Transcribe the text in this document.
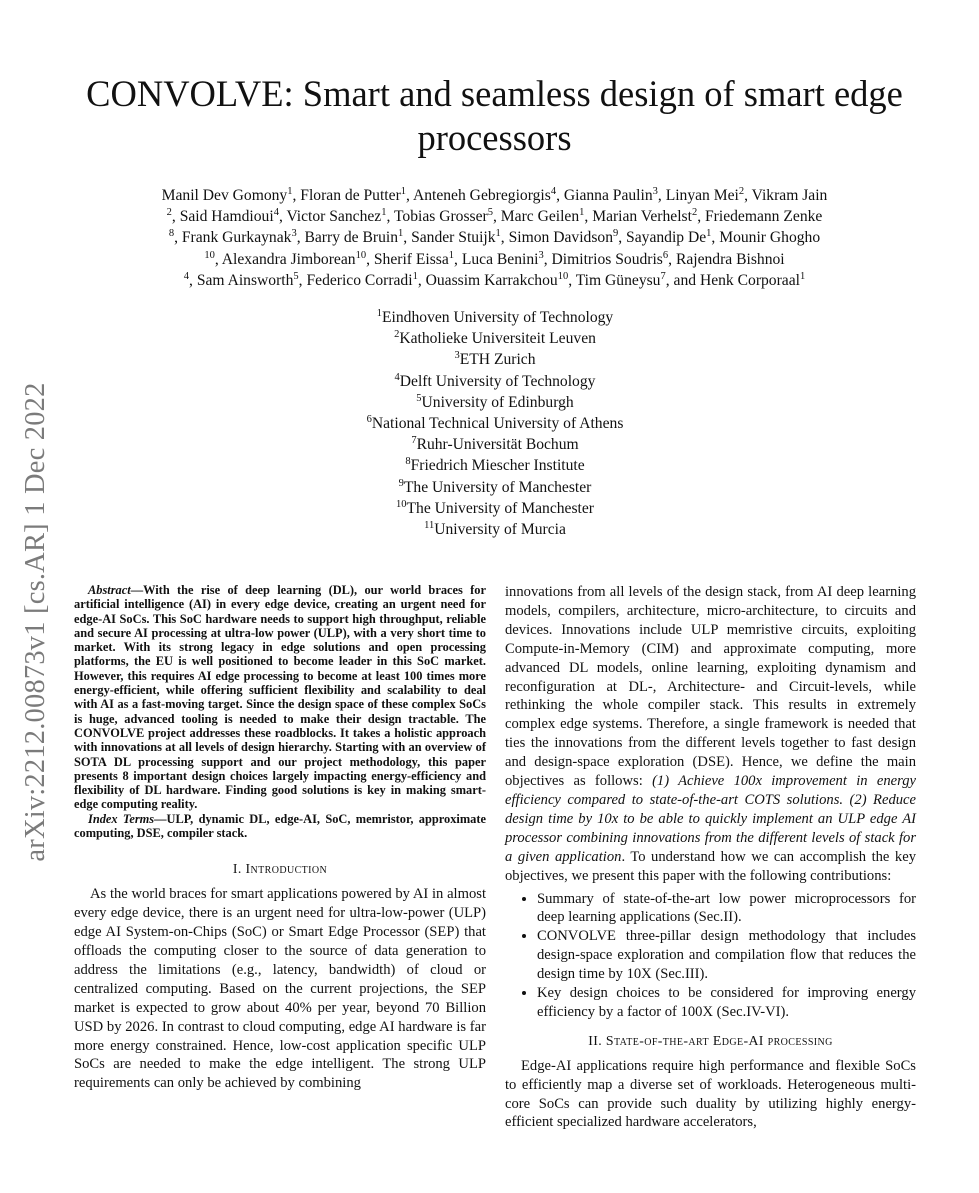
arXiv:2212.00873v1 [cs.AR] 1 Dec 2022
CONVOLVE: Smart and seamless design of smart edge processors
Manil Dev Gomony$^1$, Floran de Putter$^1$, Anteneh Gebregiorgis$^4$, Gianna Paulin$^3$, Linyan Mei$^2$, Vikram Jain
$^2$, Said Hamdioui$^4$, Victor Sanchez$^1$, Tobias Grosser$^5$, Marc Geilen$^1$, Marian Verhelst$^2$, Friedemann Zenke
$^8$, Frank Gurkaynak$^3$, Barry de Bruin$^1$, Sander Stuijk$^1$, Simon Davidson$^9$, Sayandip De$^1$, Mounir Ghogho
$^{10}$, Alexandra Jimborean$^{10}$, Sherif Eissa$^1$, Luca Benini$^3$, Dimitrios Soudris$^6$, Rajendra Bishnoi
$^4$, Sam Ainsworth$^5$, Federico Corradi$^1$, Ouassim Karrakchou$^{10}$, Tim Güneysu$^7$, and Henk Corporaal$^1$
$^1$Eindhoven University of Technology
$^2$Katholieke Universiteit Leuven
$^3$ETH Zurich
$^4$Delft University of Technology
$^5$University of Edinburgh
$^6$National Technical University of Athens
$^7$Ruhr-Universität Bochum
$^8$Friedrich Miescher Institute
$^9$The University of Manchester
$^{10}$The University of Manchester
$^{11}$University of Murcia
Abstract—With the rise of deep learning (DL), our world braces for artificial intelligence (AI) in every edge device, creating an urgent need for edge-AI SoCs. This SoC hardware needs to support high throughput, reliable and secure AI processing at ultra-low power (ULP), with a very short time to market. With its strong legacy in edge solutions and open processing platforms, the EU is well positioned to become leader in this SoC market. However, this requires AI edge processing to become at least 100 times more energy-efficient, while offering sufficient flexibility and scalability to deal with AI as a fast-moving target. Since the design space of these complex SoCs is huge, advanced tooling is needed to make their design tractable. The CONVOLVE project addresses these roadblocks. It takes a holistic approach with innovations at all levels of design hierarchy. Starting with an overview of SOTA DL processing support and our project methodology, this paper presents 8 important design choices largely impacting energy-efficiency and flexibility of DL hardware. Finding good solutions is key in making smart-edge computing reality.
Index Terms—ULP, dynamic DL, edge-AI, SoC, memristor, approximate computing, DSE, compiler stack.
I. Introduction

As the world braces for smart applications powered by AI in almost every edge device, there is an urgent need for ultra-low-power (ULP) edge AI System-on-Chips (SoC) or Smart Edge Processor (SEP) that offloads the computing closer to the source of data generation to address the limitations (e.g., latency, bandwidth) of cloud or centralized computing. Based on the current projections, the SEP market is expected to grow about 40% per year, beyond 70 Billion USD by 2026. In contrast to cloud computing, edge AI hardware is far more energy constrained. Hence, low-cost application specific ULP SoCs are needed to make the edge intelligent. The strong ULP requirements can only be achieved by combining

innovations from all levels of the design stack, from AI deep learning models, compilers, architecture, micro-architecture, to circuits and devices. Innovations include ULP memristive circuits, exploiting Compute-in-Memory (CIM) and approximate computing, more advanced DL models, online learning, exploiting dynamism and reconfiguration at DL-, Architecture- and Circuit-levels, while rethinking the whole compiler stack. This results in extremely complex edge systems. Therefore, a single framework is needed that ties the innovations from the different levels together to fast design and design-space exploration (DSE). Hence, we define the main objectives as follows: (1) Achieve 100x improvement in energy efficiency compared to state-of-the-art COTS solutions. (2) Reduce design time by 10x to be able to quickly implement an ULP edge AI processor combining innovations from the different levels of stack for a given application. To understand how we can accomplish the key objectives, we present this paper with the following contributions:

• Summary of state-of-the-art low power microprocessors for deep learning applications (Sec.II).
• CONVOLVE three-pillar design methodology that includes design-space exploration and compilation flow that reduces the design time by 10X (Sec.III).
• Key design choices to be considered for improving energy efficiency by a factor of 100X (Sec.IV-VI).
II. State-of-the-art Edge-AI processing

Edge-AI applications require high performance and flexible SoCs to efficiently map a diverse set of workloads. Heterogeneous multi-core SoCs can provide such duality by utilizing highly energy-efficient specialized hardware accelerators,
